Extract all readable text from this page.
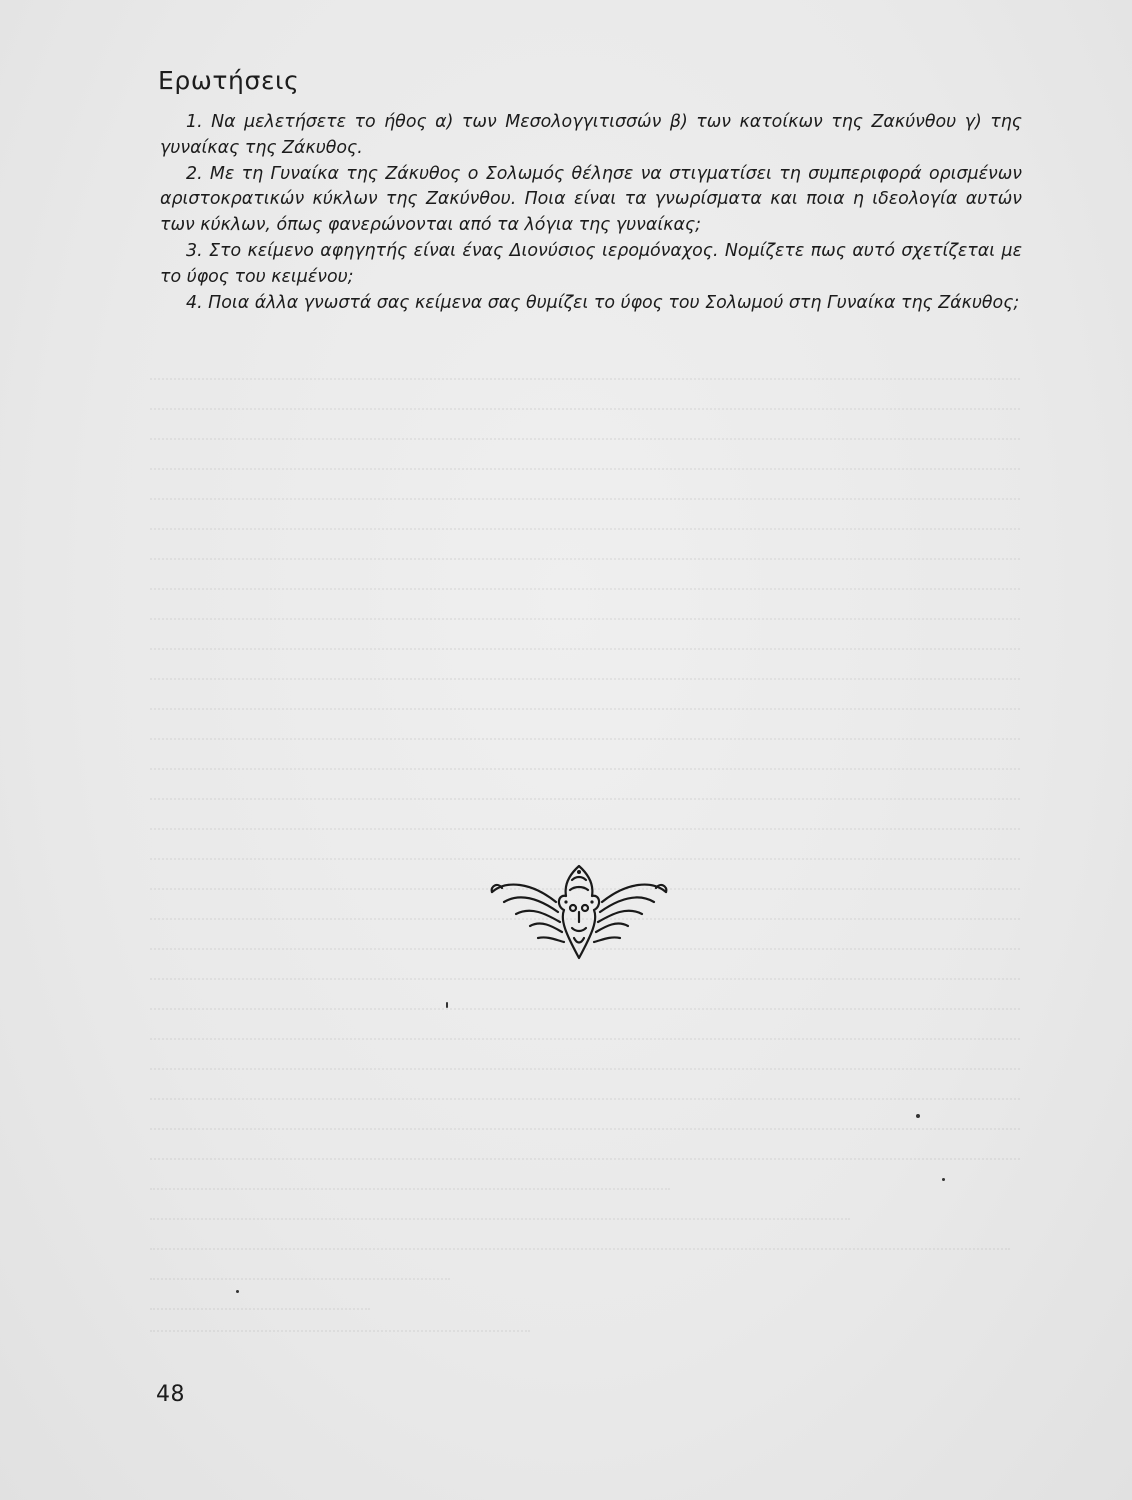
Ερωτήσεις
1. Να μελετήσετε το ήθος α) των Μεσολογγιτισσών β) των κατοίκων της Ζακύνθου γ) της γυναίκας της Ζάκυθος.
2. Με τη Γυναίκα της Ζάκυθος ο Σολωμός θέλησε να στιγματίσει τη συμπεριφορά ορισμένων αριστοκρατικών κύκλων της Ζακύνθου. Ποια είναι τα γνωρίσματα και ποια η ιδεολογία αυτών των κύκλων, όπως φανερώνονται από τα λόγια της γυναίκας;
3. Στο κείμενο αφηγητής είναι ένας Διονύσιος ιερομόναχος. Νομίζετε πως αυτό σχετίζεται με το ύφος του κειμένου;
4. Ποια άλλα γνωστά σας κείμενα σας θυμίζει το ύφος του Σολωμού στη Γυναίκα της Ζάκυθος;
48
